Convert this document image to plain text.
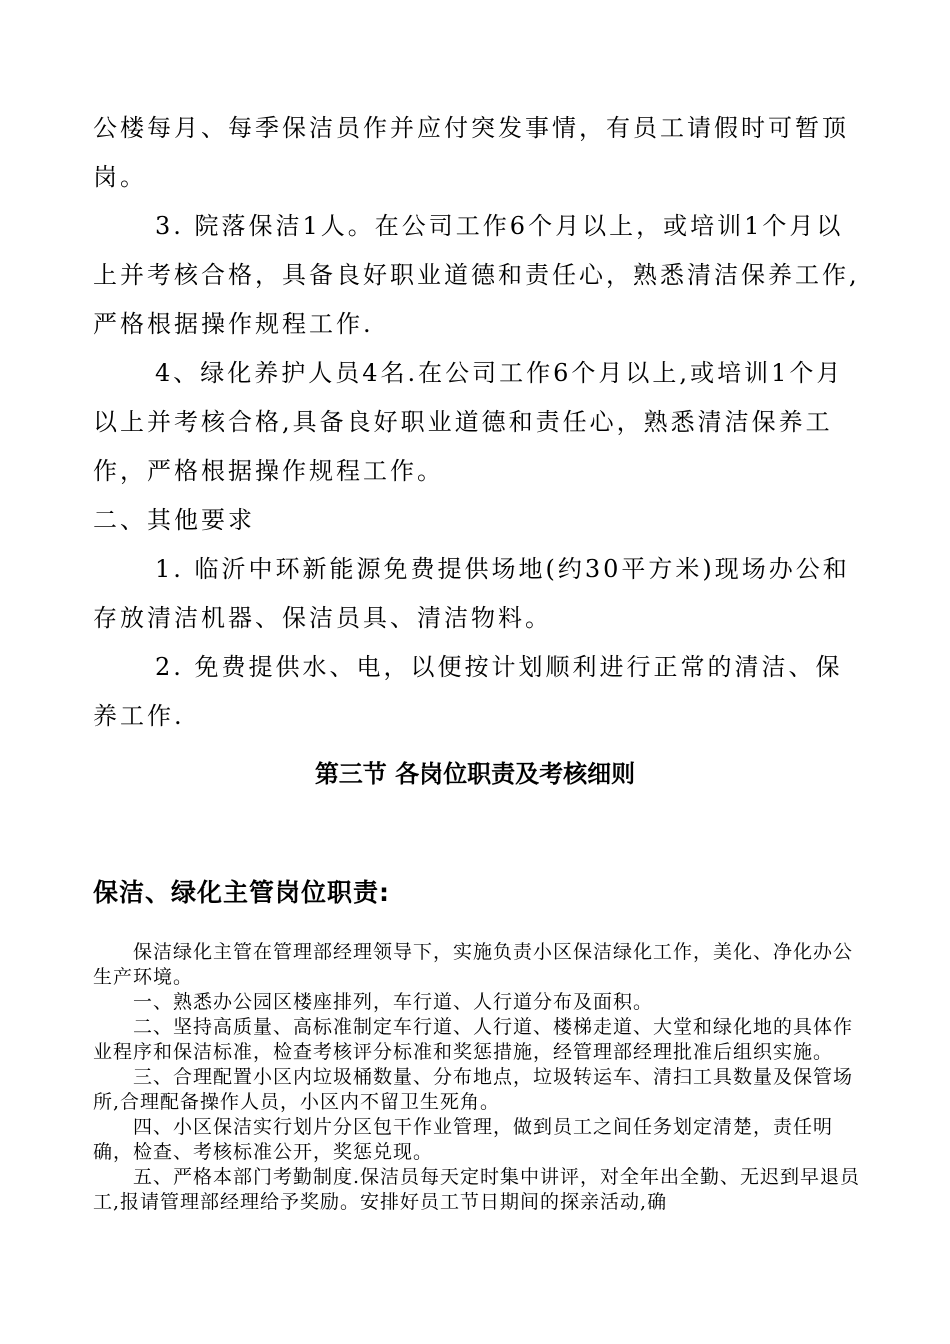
公楼每月、每季保洁员作并应付突发事情，有员工请假时可暂顶岗。

3. 院落保洁1人。在公司工作6个月以上，或培训1个月以上并考核合格，具备良好职业道德和责任心，熟悉清洁保养工作,严格根据操作规程工作.

4、绿化养护人员4名.在公司工作6个月以上,或培训1个月以上并考核合格,具备良好职业道德和责任心，熟悉清洁保养工作，严格根据操作规程工作。

二、其他要求

1. 临沂中环新能源免费提供场地(约30平方米)现场办公和存放清洁机器、保洁员具、清洁物料。

2. 免费提供水、电，以便按计划顺利进行正常的清洁、保养工作.

第三节 各岗位职责及考核细则
保洁、绿化主管岗位职责:

保洁绿化主管在管理部经理领导下，实施负责小区保洁绿化工作，美化、净化办公生产环境。

一、熟悉办公园区楼座排列，车行道、人行道分布及面积。

二、坚持高质量、高标准制定车行道、人行道、楼梯走道、大堂和绿化地的具体作业程序和保洁标准，检查考核评分标准和奖惩措施，经管理部经理批准后组织实施。

三、合理配置小区内垃圾桶数量、分布地点，垃圾转运车、清扫工具数量及保管场所,合理配备操作人员，小区内不留卫生死角。

四、小区保洁实行划片分区包干作业管理，做到员工之间任务划定清楚，责任明确，检查、考核标准公开，奖惩兑现。

五、严格本部门考勤制度.保洁员每天定时集中讲评，对全年出全勤、无迟到早退员工,报请管理部经理给予奖励。安排好员工节日期间的探亲活动,确
